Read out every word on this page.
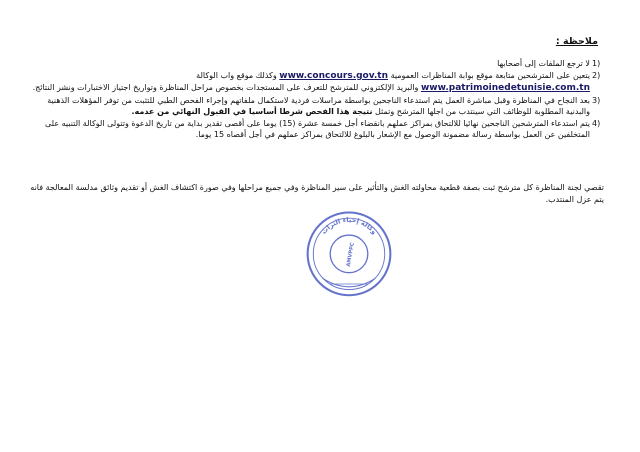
ملاحظة :
1)
لا ترجع الملفات إلى أصحابها
2)
يتعين على المترشحين متابعة موقع بوابة المناظرات العمومية www.concours.gov.tn وكذلك موقع واب الوكالة www.patrimoinedetunisie.com.tn والبريد الإلكتروني للمترشح للتعرف على المستجدات بخصوص مراحل المناظرة وتواريخ اجتياز الاختبارات ونشر النتائج.
3)
بعد النجاح في المناظرة وقبل مباشرة العمل يتم استدعاء الناجحين بواسطة مراسلات فردية لاستكمال ملفاتهم وإجراء الفحص الطبي للتثبت من توفر المؤهلات الذهنية والبدنية المطلوبة للوظائف التي سينتدب من اجلها المترشح وتمثل نتيجة هذا الفحص شرطا أساسيا في القبول النهائي من عدمه.
4)
يتم استدعاء المترشحين الناجحين نهائيا للالتحاق بمراكز عملهم بانقضاء أجل خمسة عشرة (15) يوما على أقصى تقدير بداية من تاريخ الدعوة وتتولى الوكالة التنبيه على المتخلفين عن العمل بواسطة رسالة مضمونة الوصول مع الإشعار بالبلوغ للالتحاق بمراكز عملهم في أجل أقصاه 15 يوما.
تقصي لجنة المناظرة كل مترشح ثبت بصفة قطعية محاولته الغش والتأثير على سير المناظرة وفي جميع مراحلها وفي صورة اكتشاف الغش أو تقديم وثائق مدلسة المعالجة فانه يتم عزل المنتدب.
وكالة إحياء التراث
AMVPPC
